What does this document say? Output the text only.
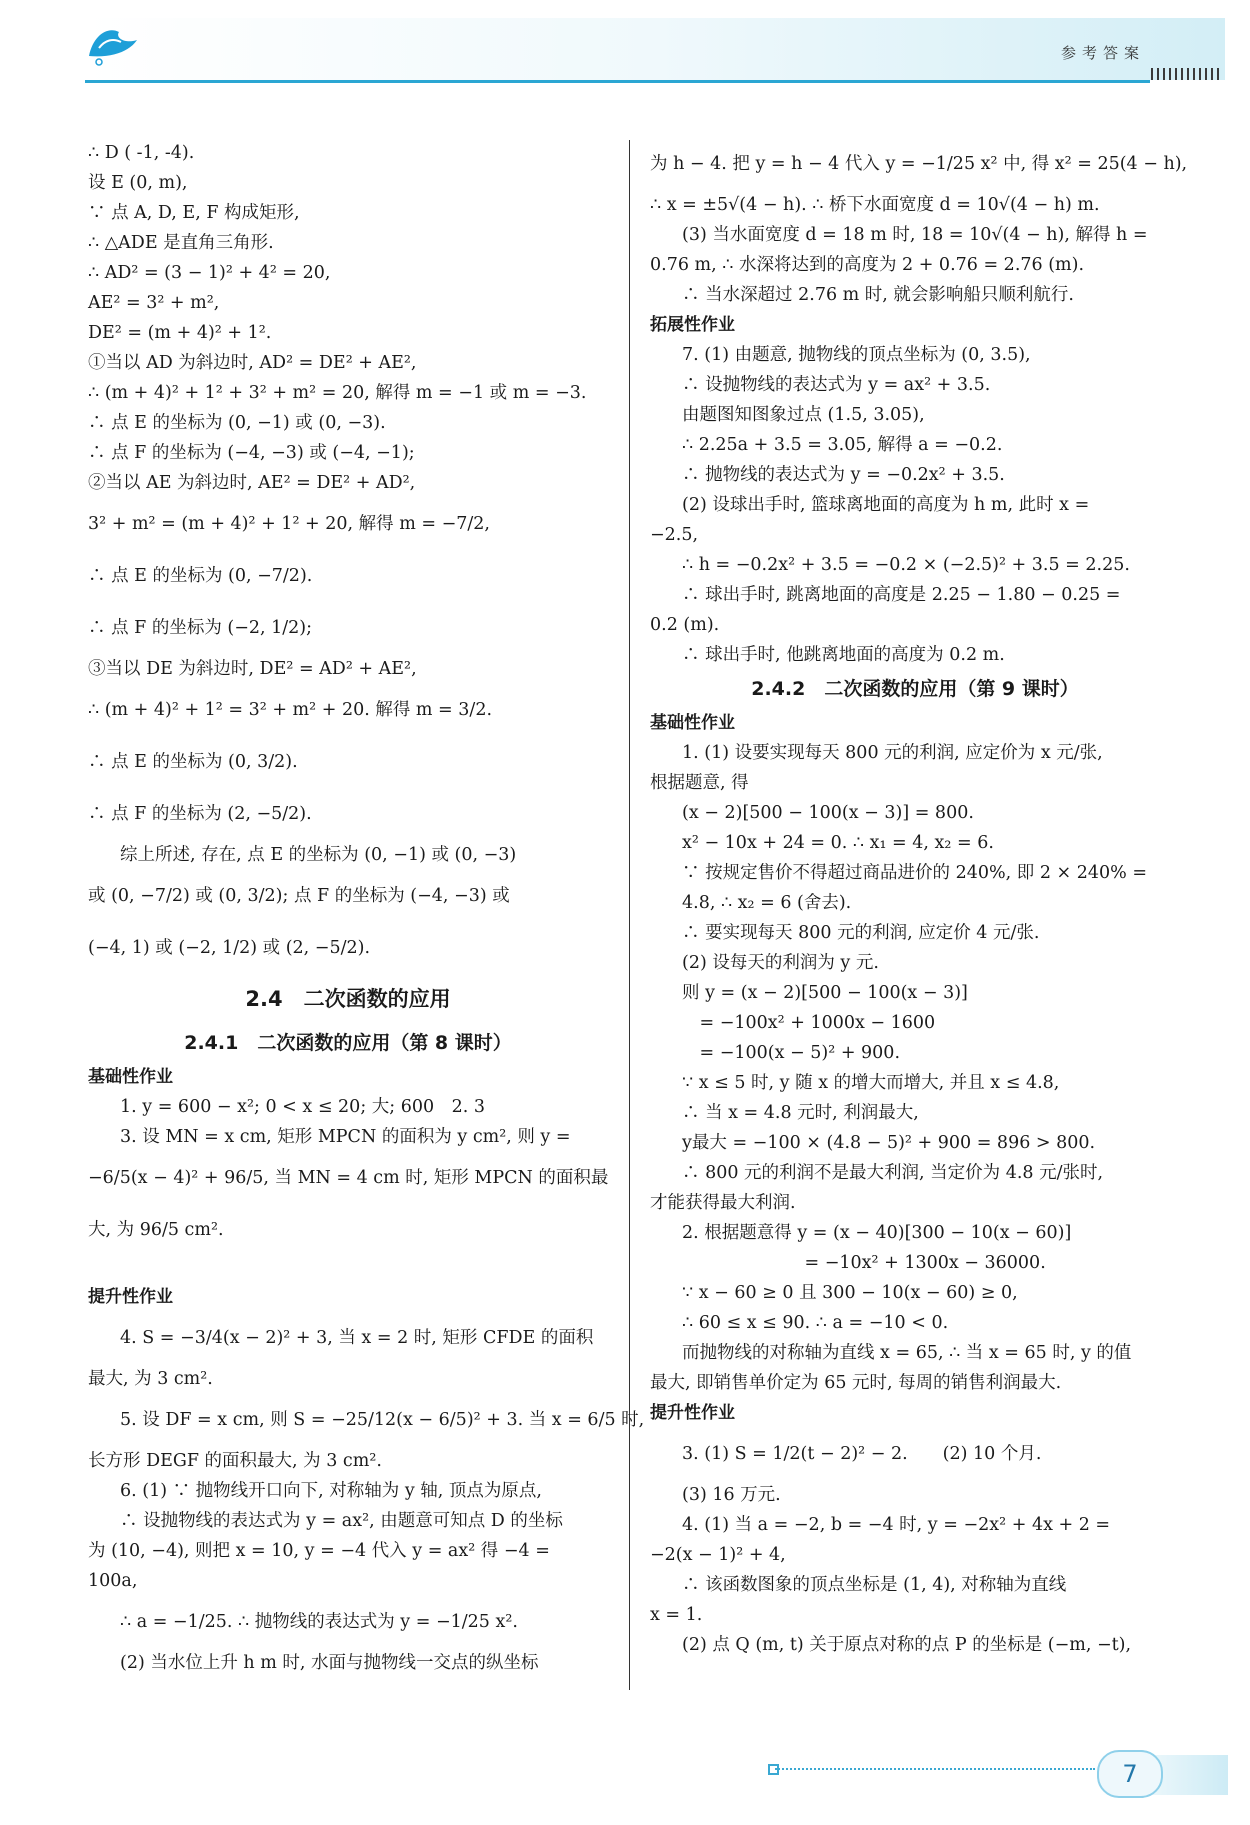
参考答案
∴ D ( -1, -4).
设 E (0, m),
∵ 点 A, D, E, F 构成矩形,
∴ △ADE 是直角三角形.
∴ AD² = (3 − 1)² + 4² = 20,
AE² = 3² + m²,
DE² = (m + 4)² + 1².
①当以 AD 为斜边时, AD² = DE² + AE²,
∴ (m + 4)² + 1² + 3² + m² = 20, 解得 m = −1 或 m = −3.
∴ 点 E 的坐标为 (0, −1) 或 (0, −3).
∴ 点 F 的坐标为 (−4, −3) 或 (−4, −1);
②当以 AE 为斜边时, AE² = DE² + AD²,
3² + m² = (m + 4)² + 1² + 20, 解得 m = −7/2,
∴ 点 E 的坐标为 (0, −7/2).
∴ 点 F 的坐标为 (−2, 1/2);
③当以 DE 为斜边时, DE² = AD² + AE²,
∴ (m + 4)² + 1² = 3² + m² + 20. 解得 m = 3/2.
∴ 点 E 的坐标为 (0, 3/2).
∴ 点 F 的坐标为 (2, −5/2).
综上所述, 存在, 点 E 的坐标为 (0, −1) 或 (0, −3)
或 (0, −7/2) 或 (0, 3/2); 点 F 的坐标为 (−4, −3) 或
(−4, 1) 或 (−2, 1/2) 或 (2, −5/2).
2.4　二次函数的应用
2.4.1　二次函数的应用（第 8 课时）
基础性作业
1. y = 600 − x²; 0 < x ≤ 20; 大; 600　2. 3
3. 设 MN = x cm, 矩形 MPCN 的面积为 y cm², 则 y =
−6/5(x − 4)² + 96/5, 当 MN = 4 cm 时, 矩形 MPCN 的面积最
大, 为 96/5 cm².
提升性作业
4. S = −3/4(x − 2)² + 3, 当 x = 2 时, 矩形 CFDE 的面积
最大, 为 3 cm².
5. 设 DF = x cm, 则 S = −25/12(x − 6/5)² + 3. 当 x = 6/5 时,
长方形 DEGF 的面积最大, 为 3 cm².
6. (1) ∵ 抛物线开口向下, 对称轴为 y 轴, 顶点为原点,
∴ 设抛物线的表达式为 y = ax², 由题意可知点 D 的坐标
为 (10, −4), 则把 x = 10, y = −4 代入 y = ax² 得 −4 =
100a,
∴ a = −1/25. ∴ 抛物线的表达式为 y = −1/25 x².
(2) 当水位上升 h m 时, 水面与抛物线一交点的纵坐标
为 h − 4. 把 y = h − 4 代入 y = −1/25 x² 中, 得 x² = 25(4 − h),
∴ x = ±5√(4 − h). ∴ 桥下水面宽度 d = 10√(4 − h) m.
(3) 当水面宽度 d = 18 m 时, 18 = 10√(4 − h), 解得 h =
0.76 m, ∴ 水深将达到的高度为 2 + 0.76 = 2.76 (m).
∴ 当水深超过 2.76 m 时, 就会影响船只顺利航行.
拓展性作业
7. (1) 由题意, 抛物线的顶点坐标为 (0, 3.5),
∴ 设抛物线的表达式为 y = ax² + 3.5.
由题图知图象过点 (1.5, 3.05),
∴ 2.25a + 3.5 = 3.05, 解得 a = −0.2.
∴ 抛物线的表达式为 y = −0.2x² + 3.5.
(2) 设球出手时, 篮球离地面的高度为 h m, 此时 x =
−2.5,
∴ h = −0.2x² + 3.5 = −0.2 × (−2.5)² + 3.5 = 2.25.
∴ 球出手时, 跳离地面的高度是 2.25 − 1.80 − 0.25 =
0.2 (m).
∴ 球出手时, 他跳离地面的高度为 0.2 m.
2.4.2　二次函数的应用（第 9 课时）
基础性作业
1. (1) 设要实现每天 800 元的利润, 应定价为 x 元/张,
根据题意, 得
(x − 2)[500 − 100(x − 3)] = 800.
x² − 10x + 24 = 0. ∴ x₁ = 4, x₂ = 6.
∵ 按规定售价不得超过商品进价的 240%, 即 2 × 240% =
4.8, ∴ x₂ = 6 (舍去).
∴ 要实现每天 800 元的利润, 应定价 4 元/张.
(2) 设每天的利润为 y 元.
则 y = (x − 2)[500 − 100(x − 3)]
　= −100x² + 1000x − 1600
　= −100(x − 5)² + 900.
∵ x ≤ 5 时, y 随 x 的增大而增大, 并且 x ≤ 4.8,
∴ 当 x = 4.8 元时, 利润最大,
y最大 = −100 × (4.8 − 5)² + 900 = 896 > 800.
∴ 800 元的利润不是最大利润, 当定价为 4.8 元/张时,
才能获得最大利润.
2. 根据题意得 y = (x − 40)[300 − 10(x − 60)]
　　　　　　　= −10x² + 1300x − 36000.
∵ x − 60 ≥ 0 且 300 − 10(x − 60) ≥ 0,
∴ 60 ≤ x ≤ 90. ∴ a = −10 < 0.
而抛物线的对称轴为直线 x = 65, ∴ 当 x = 65 时, y 的值
最大, 即销售单价定为 65 元时, 每周的销售利润最大.
提升性作业
3. (1) S = 1/2(t − 2)² − 2.　　(2) 10 个月.
(3) 16 万元.
4. (1) 当 a = −2, b = −4 时, y = −2x² + 4x + 2 =
−2(x − 1)² + 4,
∴ 该函数图象的顶点坐标是 (1, 4), 对称轴为直线
x = 1.
(2) 点 Q (m, t) 关于原点对称的点 P 的坐标是 (−m, −t),
7
